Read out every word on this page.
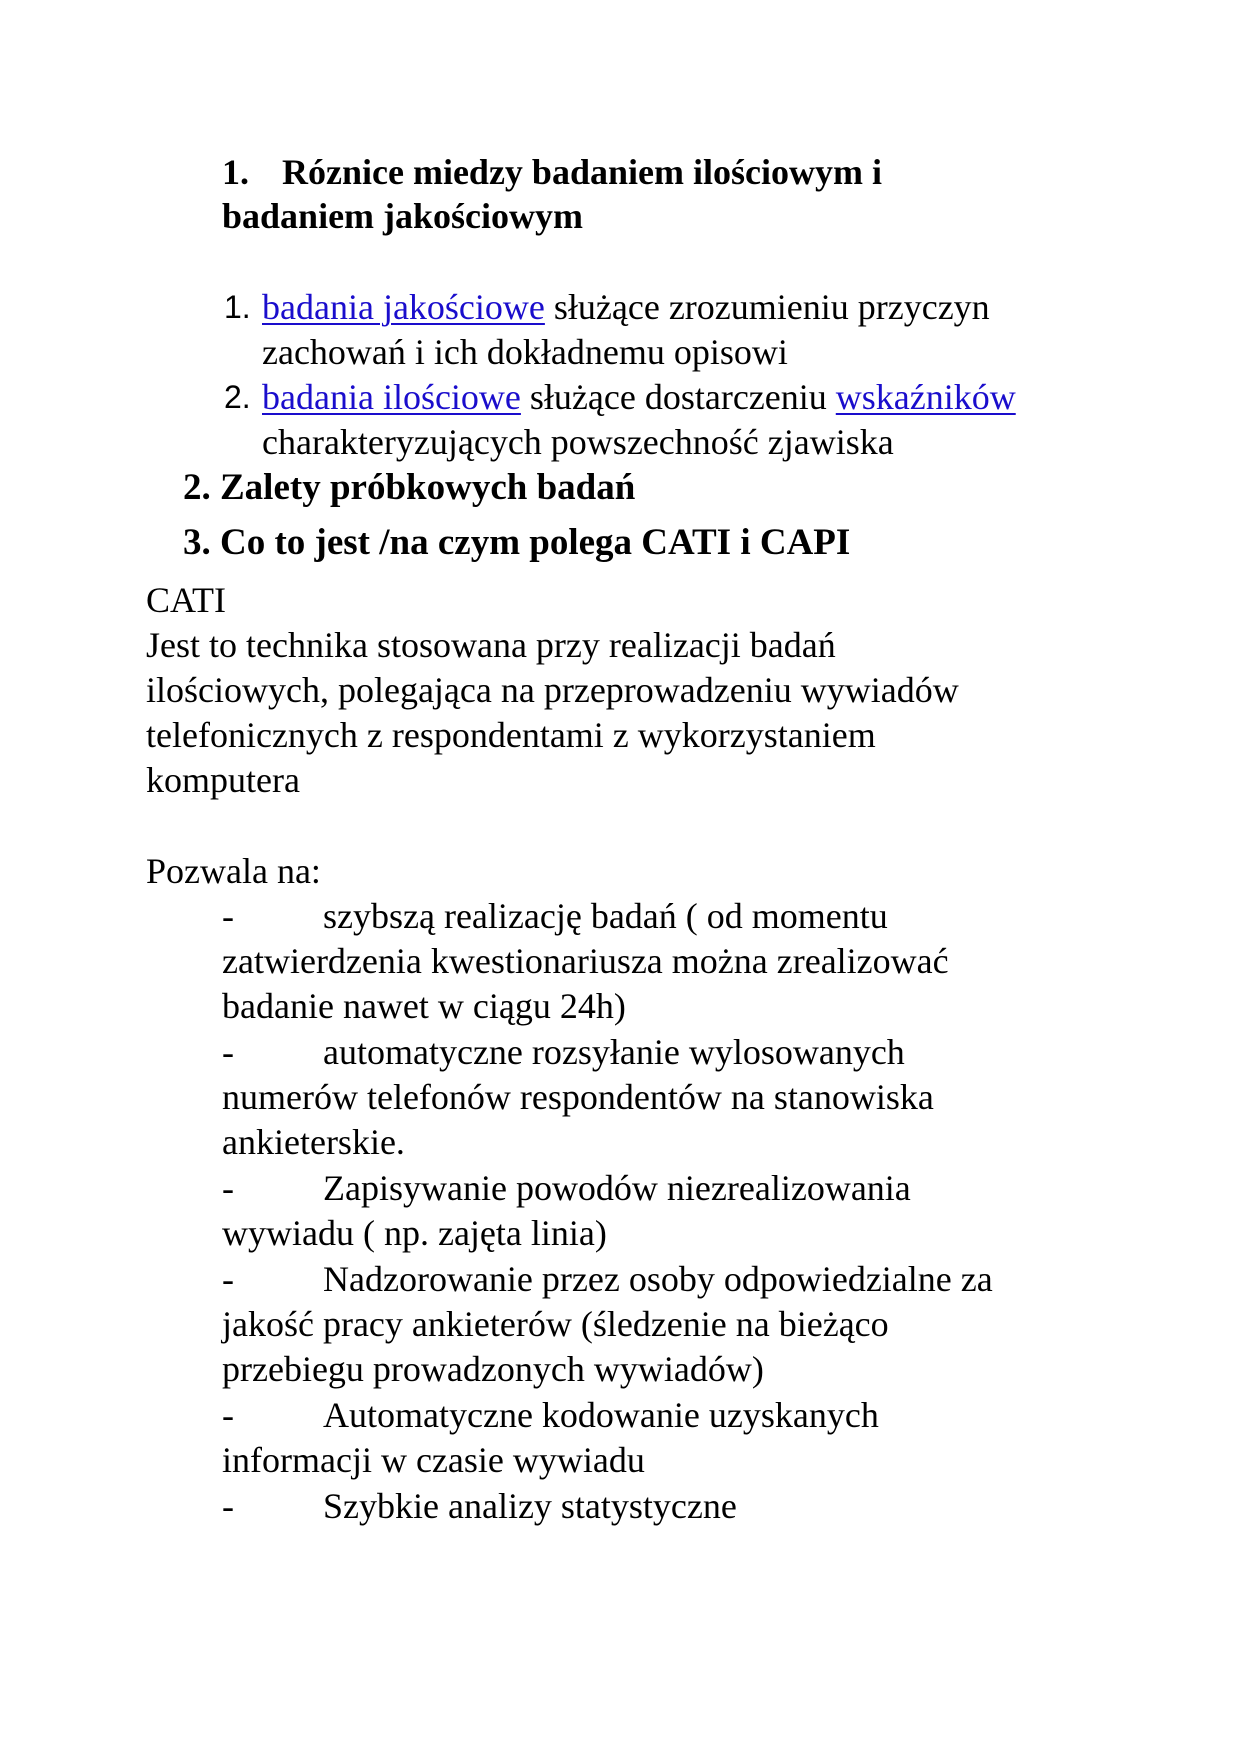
1. Róznice miedzy badaniem ilościowym i
badaniem jakościowym
1. badania jakościowe służące zrozumieniu przyczyn
zachowań i ich dokładnemu opisowi
2. badania ilościowe służące dostarczeniu wskaźników
charakteryzujących powszechność zjawiska
2. Zalety próbkowych badań
3. Co to jest /na czym polega CATI i CAPI
CATI
Jest to technika stosowana przy realizacji badań
ilościowych, polegająca na przeprowadzeniu wywiadów
telefonicznych z respondentami z wykorzystaniem
komputera
Pozwala na:
- szybszą realizację badań ( od momentu
zatwierdzenia kwestionariusza można zrealizować
badanie nawet w ciągu 24h)
- automatyczne rozsyłanie wylosowanych
numerów telefonów respondentów na stanowiska
ankieterskie.
- Zapisywanie powodów niezrealizowania
wywiadu ( np. zajęta linia)
- Nadzorowanie przez osoby odpowiedzialne za
jakość pracy ankieterów (śledzenie na bieżąco
przebiegu prowadzonych wywiadów)
- Automatyczne kodowanie uzyskanych
informacji w czasie wywiadu
- Szybkie analizy statystyczne
